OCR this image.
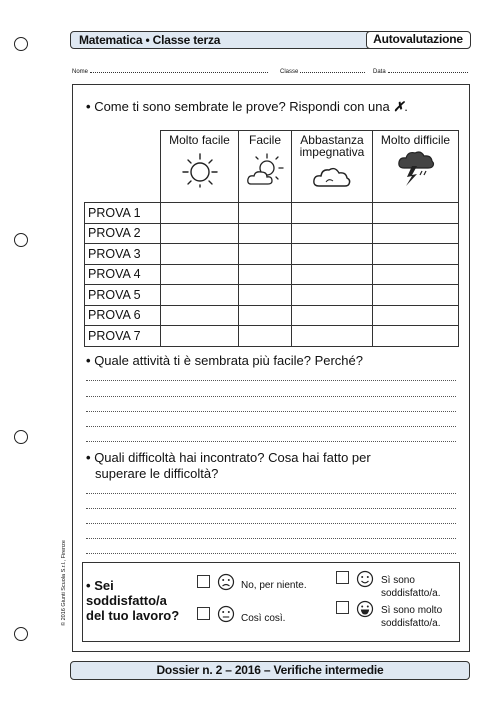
Matematica • Classe terza	Autovalutazione
Nome	Classe	Data
• Come ti sono sembrate le prove? Rispondi con una ✗.
	Molto facile	Facile	Abbastanza impegnativa	Molto difficile

PROVA 1				
PROVA 2				
PROVA 3				
PROVA 4				
PROVA 5				
PROVA 6				
PROVA 7				
• Quale attività ti è sembrata più facile? Perché?
• Quali difficoltà hai incontrato? Cosa hai fatto per
superare le difficoltà?
• Sei
soddisfatto/a
del tuo lavoro?
No, per niente.
Così così.
Sì sono
soddisfatto/a.
Sì sono molto
soddisfatto/a.
Dossier n. 2 – 2016 – Verifiche intermedie
© 2016 Giunti Scuola S.r.l., Firenze
